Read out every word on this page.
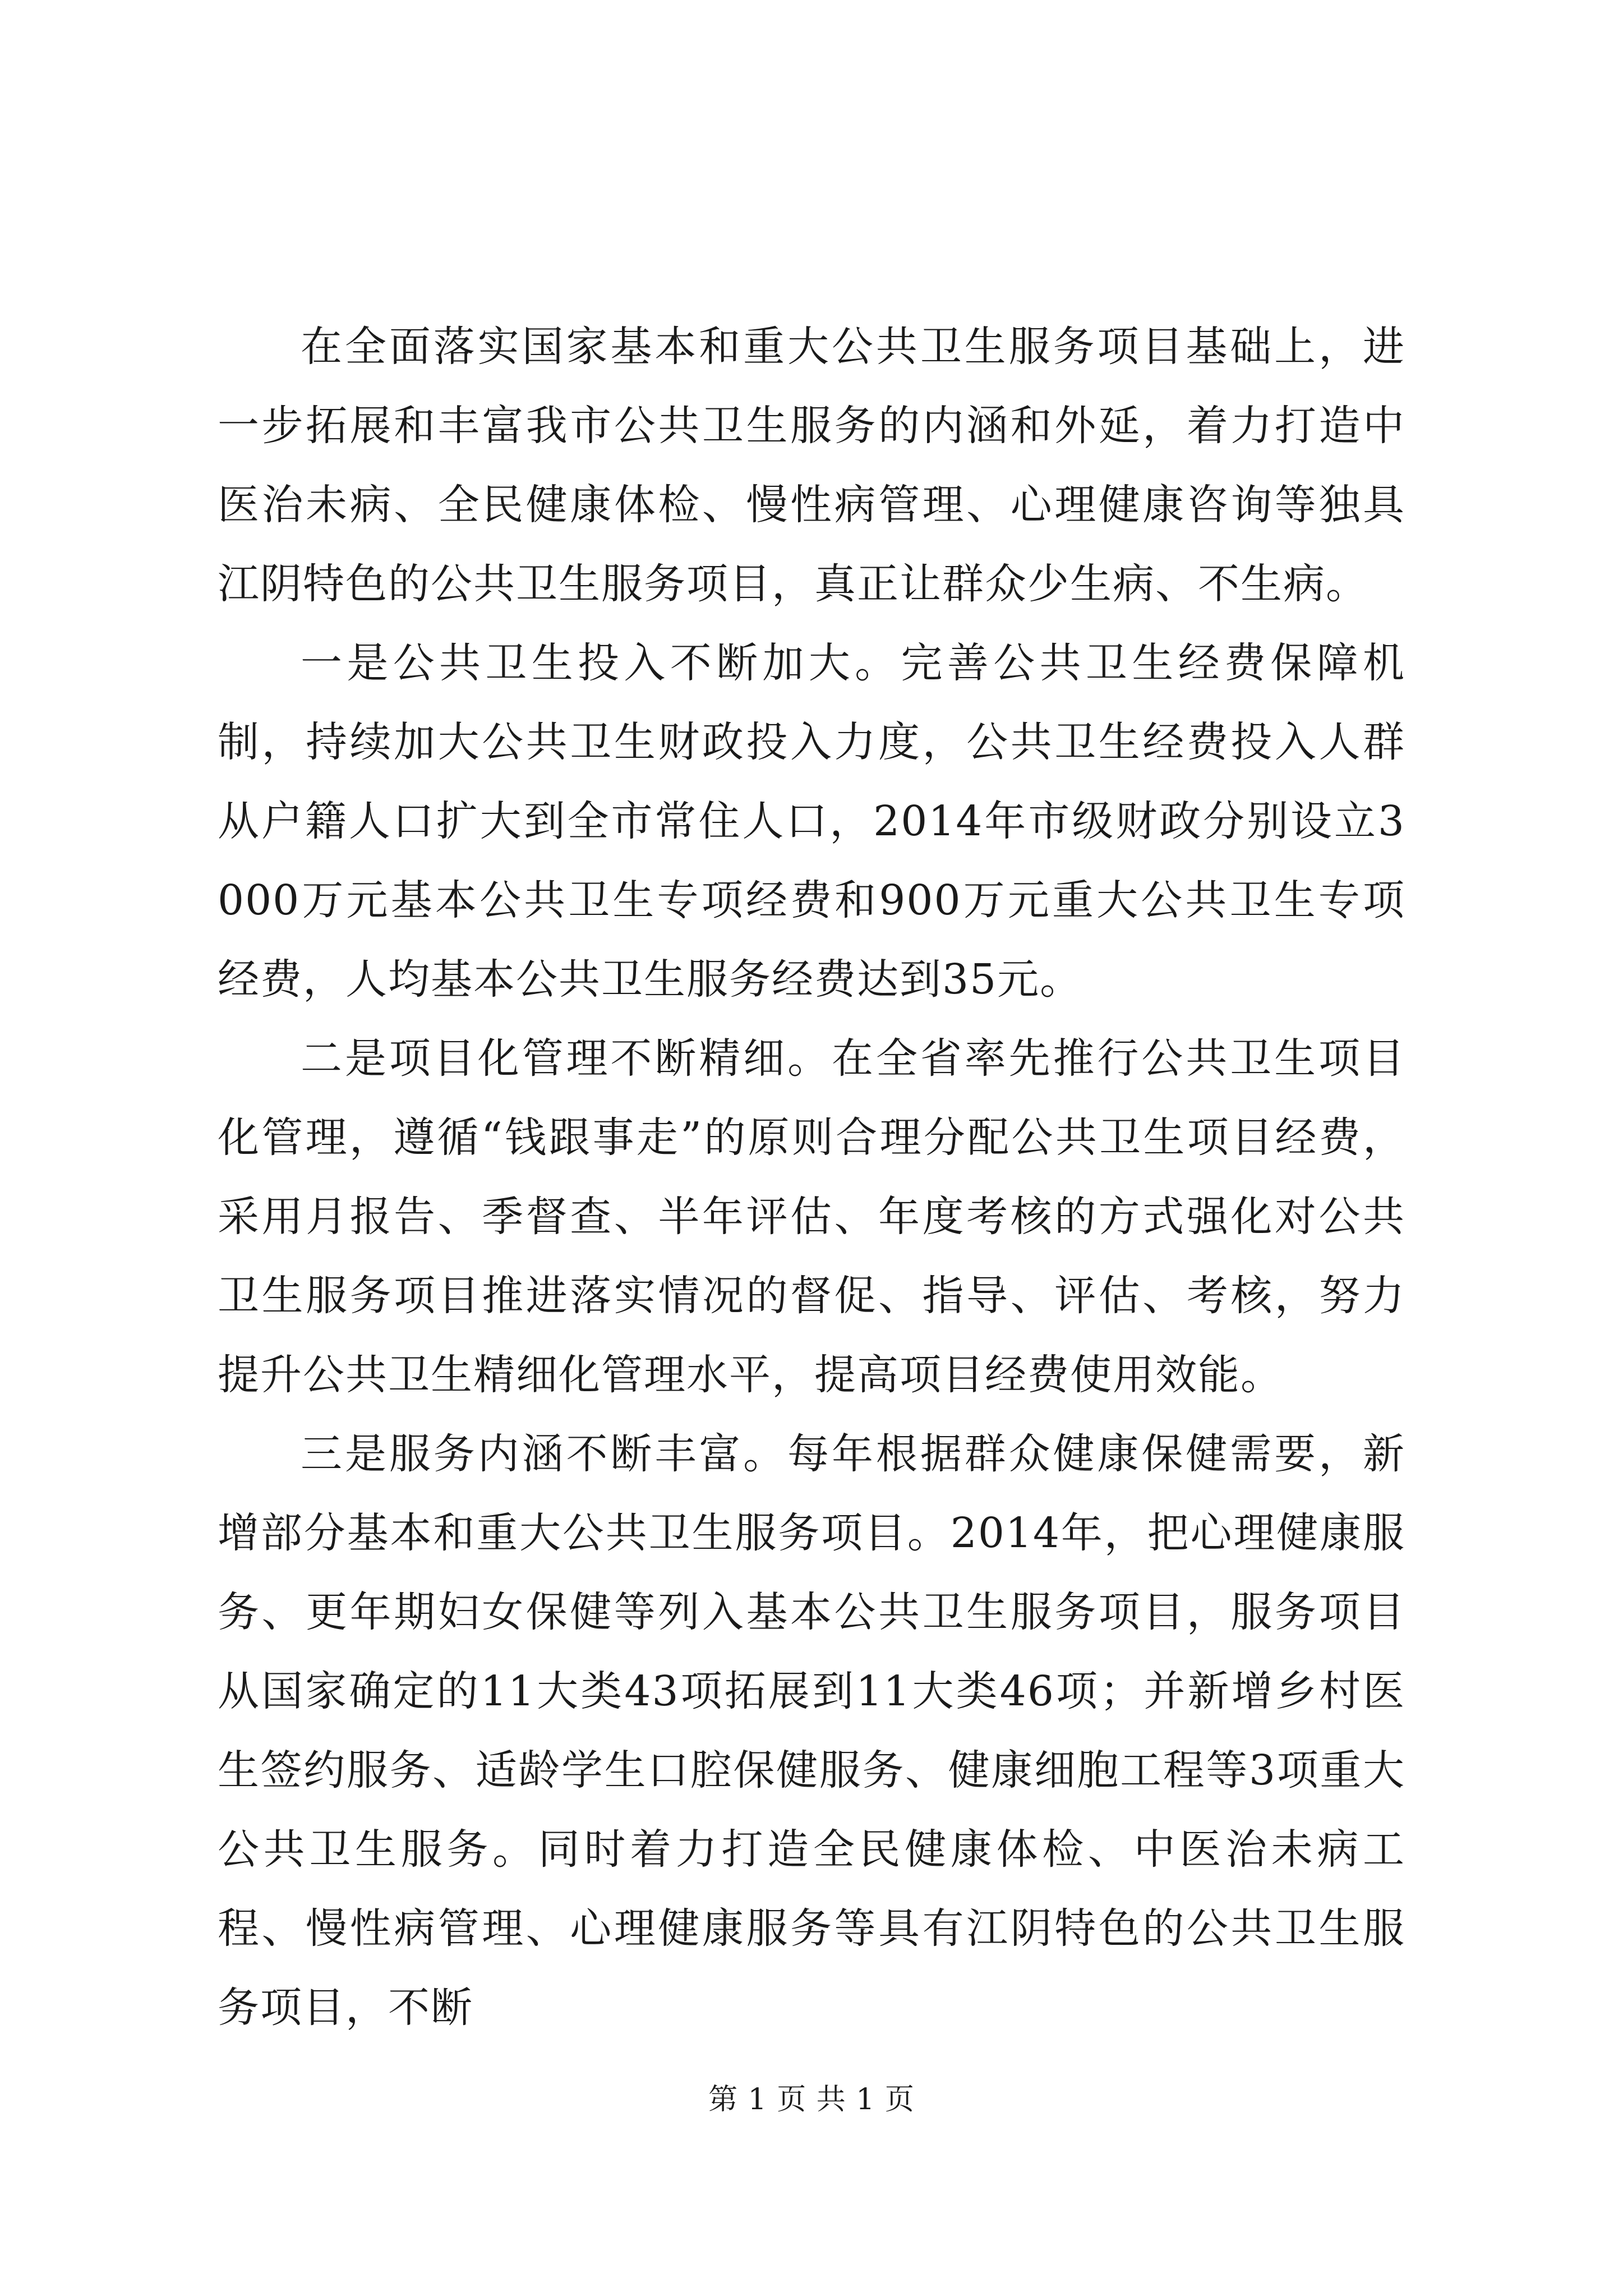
在全面落实国家基本和重大公共卫生服务项目基础上，进一步拓展和丰富我市公共卫生服务的内涵和外延，着力打造中医治未病、全民健康体检、慢性病管理、心理健康咨询等独具江阴特色的公共卫生服务项目，真正让群众少生病、不生病。

一是公共卫生投入不断加大。完善公共卫生经费保障机制，持续加大公共卫生财政投入力度，公共卫生经费投入人群从户籍人口扩大到全市常住人口，2014年市级财政分别设立3000万元基本公共卫生专项经费和900万元重大公共卫生专项经费，人均基本公共卫生服务经费达到35元。

二是项目化管理不断精细。在全省率先推行公共卫生项目化管理，遵循“钱跟事走”的原则合理分配公共卫生项目经费，采用月报告、季督查、半年评估、年度考核的方式强化对公共卫生服务项目推进落实情况的督促、指导、评估、考核，努力提升公共卫生精细化管理水平，提高项目经费使用效能。

三是服务内涵不断丰富。每年根据群众健康保健需要，新增部分基本和重大公共卫生服务项目。2014年，把心理健康服务、更年期妇女保健等列入基本公共卫生服务项目，服务项目从国家确定的11大类43项拓展到11大类46项；并新增乡村医生签约服务、适龄学生口腔保健服务、健康细胞工程等3项重大公共卫生服务。同时着力打造全民健康体检、中医治未病工程、慢性病管理、心理健康服务等具有江阴特色的公共卫生服务项目，不断

第 1 页 共 1 页
